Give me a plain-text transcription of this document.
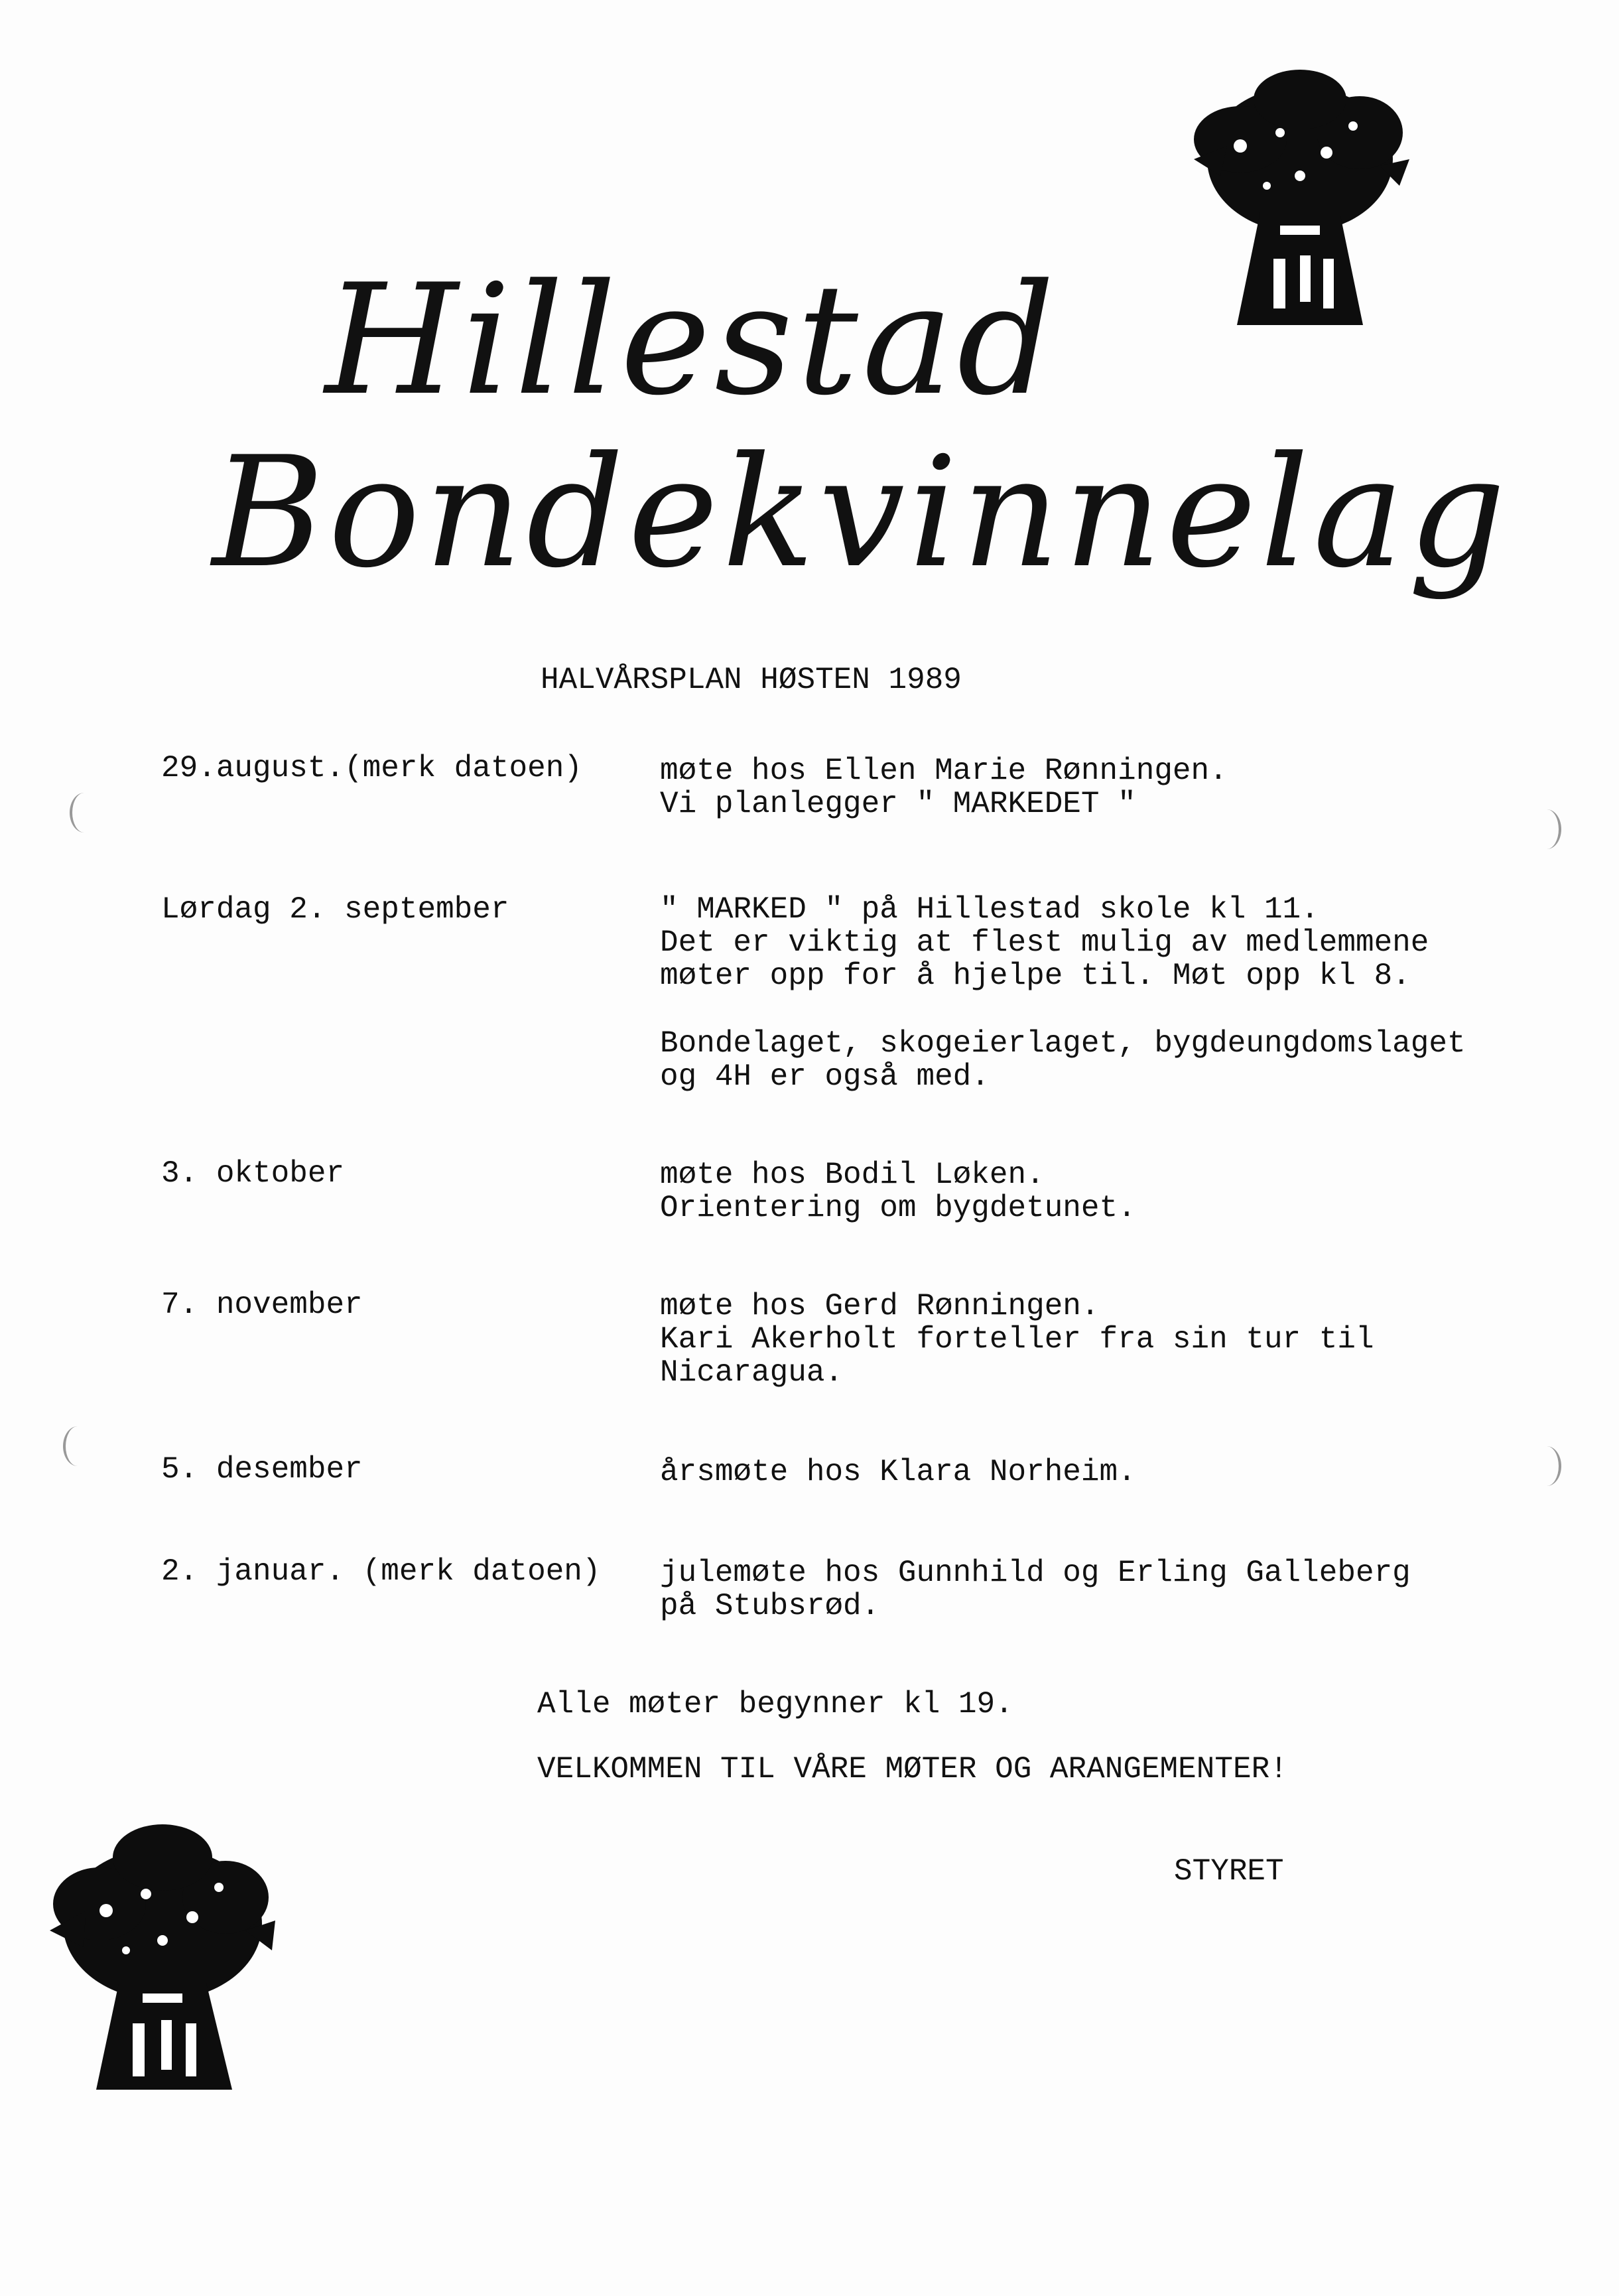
Hillestad
Bondekvinnelag
HALVÅRSPLAN HØSTEN 1989
29.august.(merk datoen)	møte hos Ellen Marie Rønningen.
Vi planlegger " MARKEDET "
Lørdag 2. september	" MARKED " på Hillestad skole kl 11.
Det er viktig at flest mulig av medlemmene
møter opp for å hjelpe til. Møt opp kl 8.
Bondelaget, skogeierlaget, bygdeungdomslaget
og 4H er også med.
3. oktober	møte hos Bodil Løken.
Orientering om bygdetunet.
7. november	møte hos Gerd Rønningen.
Kari Akerholt forteller fra sin tur til
Nicaragua.
5. desember	årsmøte hos Klara Norheim.
2. januar. (merk datoen) julemøte hos Gunnhild og Erling Galleberg
på Stubsrød.
Alle møter begynner kl 19.
VELKOMMEN TIL VÅRE MØTER OG ARANGEMENTER!
STYRET
